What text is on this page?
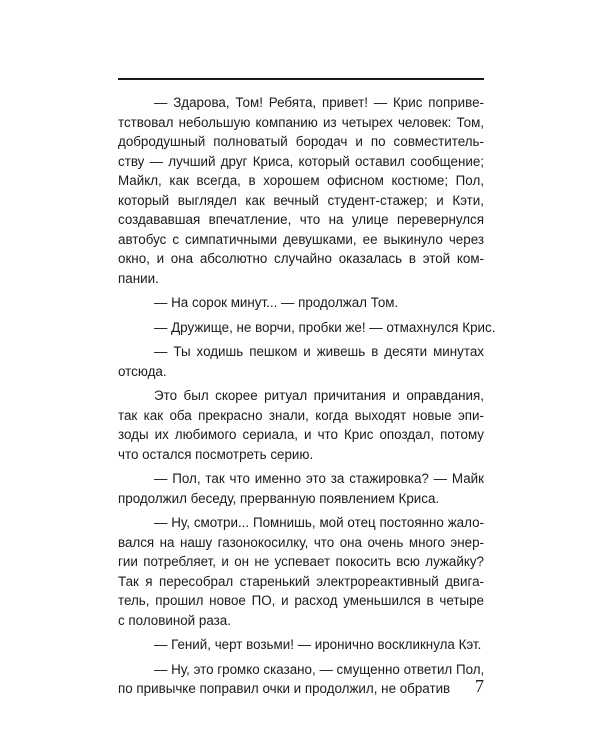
— Здарова, Том! Ребята, привет! — Крис поприве-
тствовал небольшую компанию из четырех человек: Том,
добродушный полноватый бородач и по совместитель-
ству — лучший друг Криса, который оставил сообщение;
Майкл, как всегда, в хорошем офисном костюме; Пол,
который выглядел как вечный студент-стажер; и Кэти,
создававшая впечатление, что на улице перевернулся
автобус с симпатичными девушками, ее выкинуло через
окно, и она абсолютно случайно оказалась в этой ком-
пании.
— На сорок минут... — продолжал Том.
— Дружище, не ворчи, пробки же! — отмахнулся Крис.
— Ты ходишь пешком и живешь в десяти минутах
отсюда.
Это был скорее ритуал причитания и оправдания,
так как оба прекрасно знали, когда выходят новые эпи-
зоды их любимого сериала, и что Крис опоздал, потому
что остался посмотреть серию.
— Пол, так что именно это за стажировка? — Майк
продолжил беседу, прерванную появлением Криса.
— Ну, смотри... Помнишь, мой отец постоянно жало-
вался на нашу газонокосилку, что она очень много энер-
гии потребляет, и он не успевает покосить всю лужайку?
Так я пересобрал старенький электрореактивный двига-
тель, прошил новое ПО, и расход уменьшился в четыре
с половиной раза.
— Гений, черт возьми! — иронично воскликнула Кэт.
— Ну, это громко сказано, — смущенно ответил Пол,
по привычке поправил очки и продолжил, не обратив	7
